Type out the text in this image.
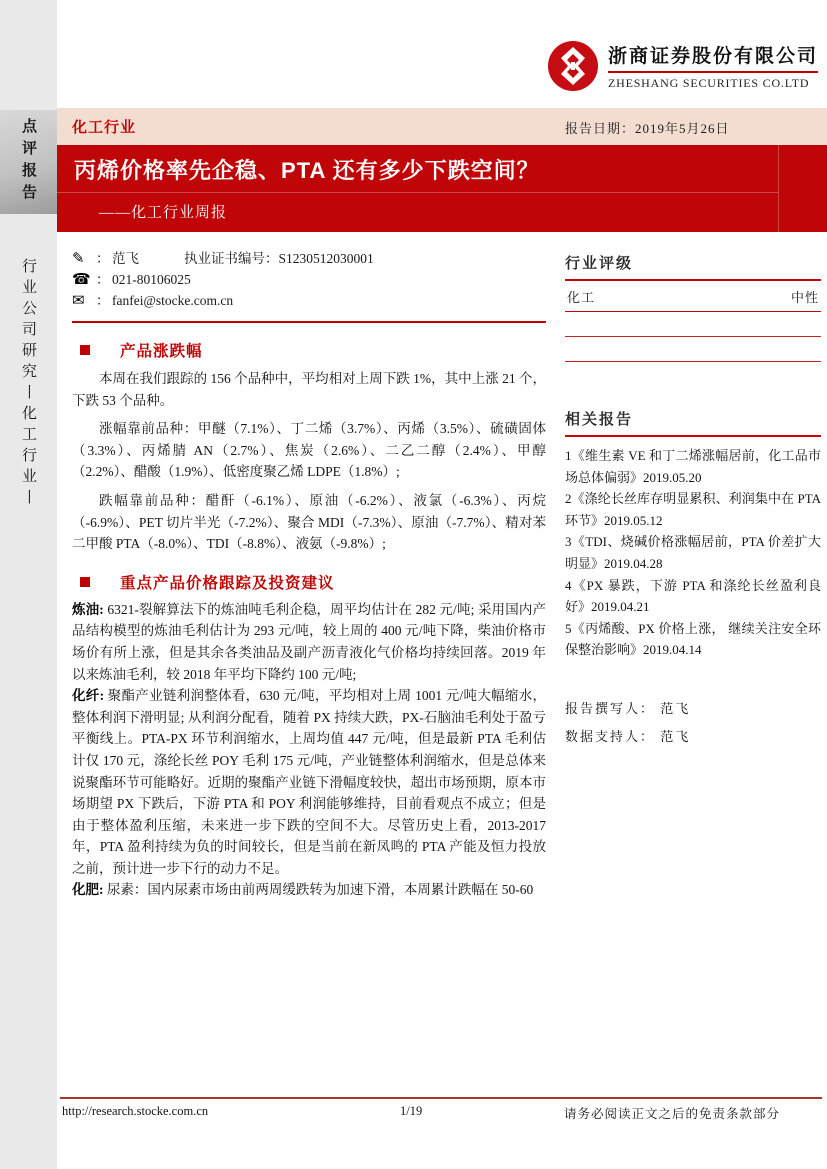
点评报告
行业公司研究丨化工行业丨
浙商证券股份有限公司
ZHESHANG SECURITIES CO.LTD
化工行业	报告日期：2019年5月26日
丙烯价格率先企稳、PTA 还有多少下跌空间？
——化工行业周报
✎ ： 范飞	执业证书编号：S1230512030001
☎ ： 021-80106025
✉ ： fanfei@stocke.com.cn
产品涨跌幅

本周在我们跟踪的 156 个品种中，平均相对上周下跌 1%，其中上涨 21 个，下跌 53 个品种。

涨幅靠前品种：甲醚（7.1%）、丁二烯（3.7%）、丙烯（3.5%）、硫磺固体（3.3%）、丙烯腈 AN（2.7%）、焦炭（2.6%）、二乙二醇（2.4%）、甲醇（2.2%）、醋酸（1.9%）、低密度聚乙烯 LDPE（1.8%）;

跌幅靠前品种：醋酐（-6.1%）、原油（-6.2%）、液氯（-6.3%）、丙烷（-6.9%）、PET 切片半光（-7.2%）、聚合 MDI（-7.3%）、原油（-7.7%）、精对苯二甲酸 PTA（-8.0%）、TDI（-8.8%）、液氨（-9.8%）;

重点产品价格跟踪及投资建议

炼油: 6321-裂解算法下的炼油吨毛利企稳，周平均估计在 282 元/吨; 采用国内产品结构模型的炼油毛利估计为 293 元/吨，较上周的 400 元/吨下降，柴油价格市场价有所上涨，但是其余各类油品及副产沥青液化气价格均持续回落。2019 年以来炼油毛利，较 2018 年平均下降约 100 元/吨;

化纤: 聚酯产业链利润整体看，630 元/吨，平均相对上周 1001 元/吨大幅缩水，整体利润下滑明显; 从利润分配看，随着 PX 持续大跌，PX-石脑油毛利处于盈亏平衡线上。PTA-PX 环节利润缩水，上周均值 447 元/吨，但是最新 PTA 毛利估计仅 170 元，涤纶长丝 POY 毛利 175 元/吨，产业链整体利润缩水，但是总体来说聚酯环节可能略好。近期的聚酯产业链下滑幅度较快，超出市场预期，原本市场期望 PX 下跌后，下游 PTA 和 POY 利润能够维持，目前看观点不成立；但是由于整体盈利压缩，未来进一步下跌的空间不大。尽管历史上看，2013-2017 年，PTA 盈利持续为负的时间较长，但是当前在新凤鸣的 PTA 产能及恒力投放之前，预计进一步下行的动力不足。

化肥: 尿素：国内尿素市场由前两周缓跌转为加速下滑，本周累计跌幅在 50-60

行业评级
化工	中性
相关报告
1《维生素 VE 和丁二烯涨幅居前，化工品市场总体偏弱》2019.05.20
2《涤纶长丝库存明显累积、利润集中在 PTA 环节》2019.05.12
3《TDI、烧碱价格涨幅居前，PTA 价差扩大明显》2019.04.28
4《PX 暴跌，下游 PTA 和涤纶长丝盈利良好》2019.04.21
5《丙烯酸、PX 价格上涨， 继续关注安全环保整治影响》2019.04.14
报告撰写人： 范飞
数据支持人： 范飞
http://research.stocke.com.cn	1/19	请务必阅读正文之后的免责条款部分
